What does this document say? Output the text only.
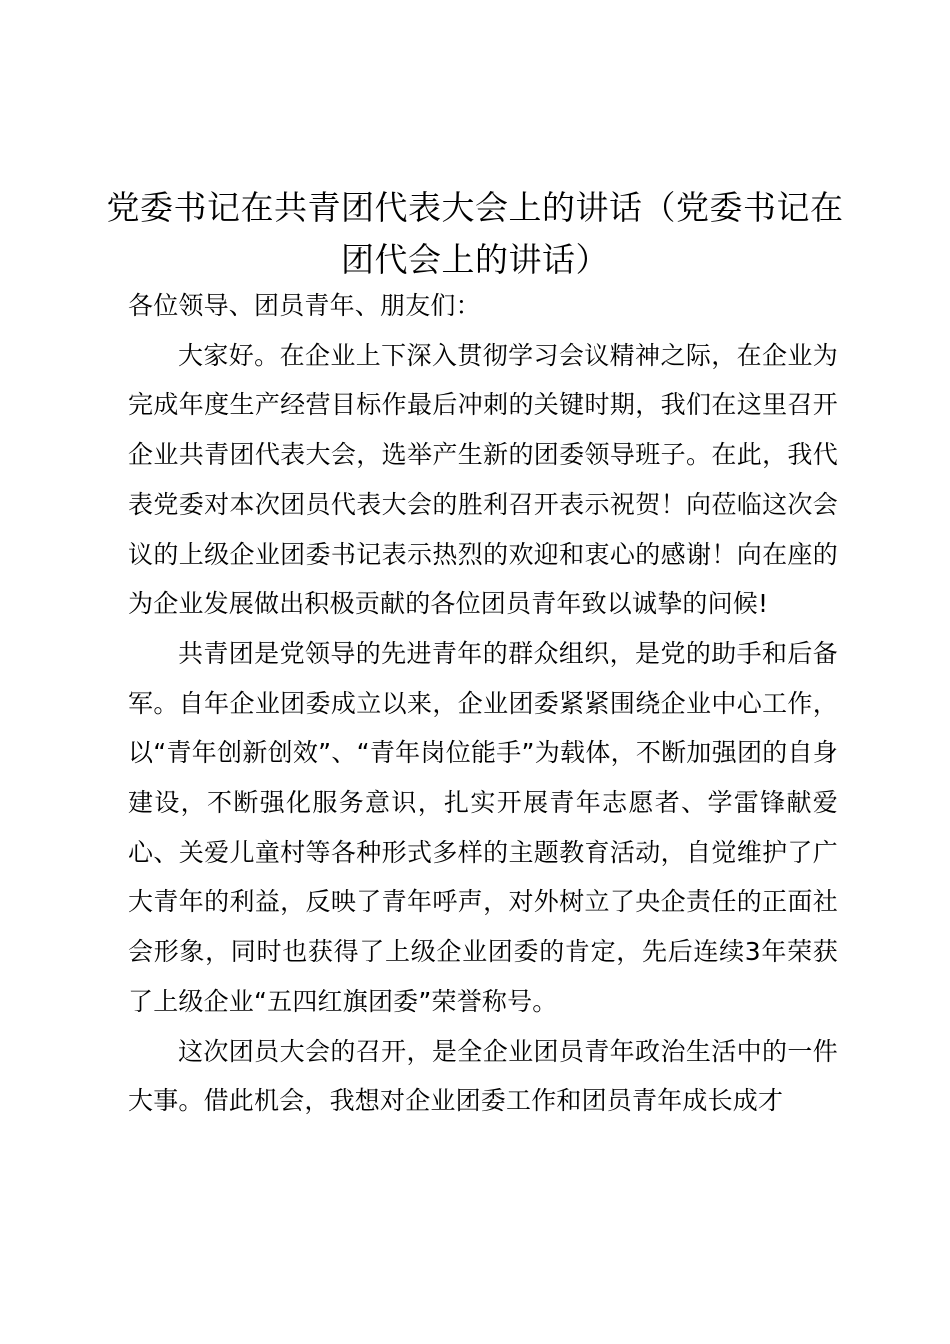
党委书记在共青团代表大会上的讲话（党委书记在团代会上的讲话）

各位领导、团员青年、朋友们：

大家好。在企业上下深入贯彻学习会议精神之际，在企业为完成年度生产经营目标作最后冲刺的关键时期，我们在这里召开企业共青团代表大会，选举产生新的团委领导班子。在此，我代表党委对本次团员代表大会的胜利召开表示祝贺！向莅临这次会议的上级企业团委书记表示热烈的欢迎和衷心的感谢！向在座的为企业发展做出积极贡献的各位团员青年致以诚挚的问候!

共青团是党领导的先进青年的群众组织，是党的助手和后备军。自年企业团委成立以来，企业团委紧紧围绕企业中心工作，以“青年创新创效”、“青年岗位能手”为载体，不断加强团的自身建设，不断强化服务意识，扎实开展青年志愿者、学雷锋献爱心、关爱儿童村等各种形式多样的主题教育活动，自觉维护了广大青年的利益，反映了青年呼声，对外树立了央企责任的正面社会形象，同时也获得了上级企业团委的肯定，先后连续3年荣获了上级企业“五四红旗团委”荣誉称号。

这次团员大会的召开，是全企业团员青年政治生活中的一件大事。借此机会，我想对企业团委工作和团员青年成长成才
